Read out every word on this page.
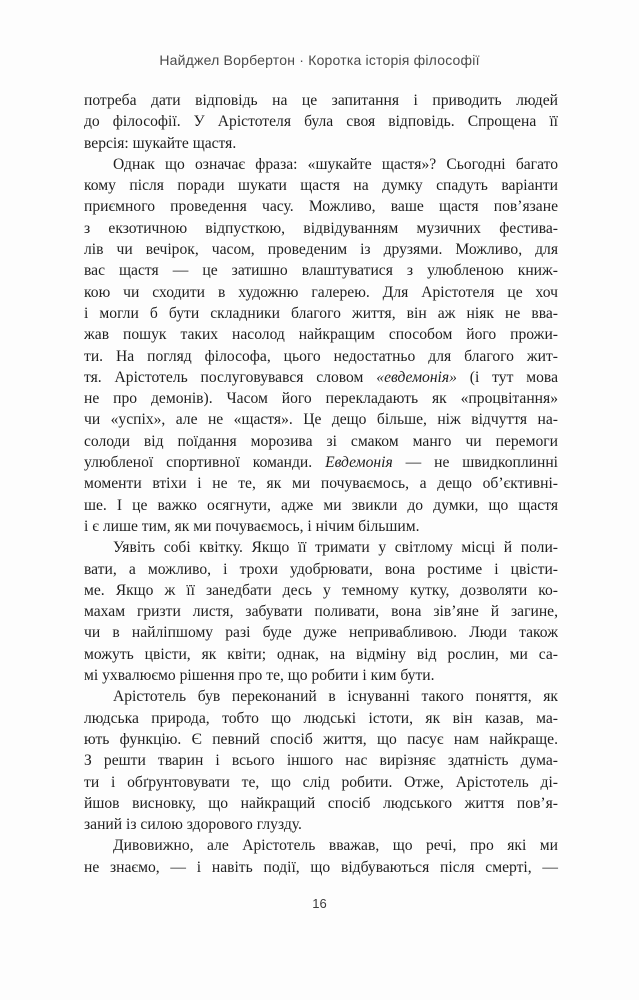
Найджел Ворбертон · Коротка історія філософії
потреба дати відповідь на це запитання і приводить людей
до філософії. У Арістотеля була своя відповідь. Спрощена її
версія: шукайте щастя.
Однак що означає фраза: «шукайте щастя»? Сьогодні багато
кому після поради шукати щастя на думку спадуть варіанти
приємного проведення часу. Можливо, ваше щастя пов’язане
з екзотичною відпусткою, відвідуванням музичних фестива-
лів чи вечірок, часом, проведеним із друзями. Можливо, для
вас щастя — це затишно влаштуватися з улюбленою книж-
кою чи сходити в художню галерею. Для Арістотеля це хоч
і могли б бути складники благого життя, він аж ніяк не вва-
жав пошук таких насолод найкращим способом його прожи-
ти. На погляд філософа, цього недостатньо для благого жит-
тя. Арістотель послуговувався словом «евдемонія» (і тут мова
не про демонів). Часом його перекладають як «процвітання»
чи «успіх», але не «щастя». Це дещо більше, ніж відчуття на-
солоди від поїдання морозива зі смаком манго чи перемоги
улюбленої спортивної команди. Евдемонія — не швидкоплинні
моменти втіхи і не те, як ми почуваємось, а дещо об’єктивні-
ше. І це важко осягнути, адже ми звикли до думки, що щастя
і є лише тим, як ми почуваємось, і нічим більшим.
Уявіть собі квітку. Якщо її тримати у світлому місці й поли-
вати, а можливо, і трохи удобрювати, вона ростиме і цвісти-
ме. Якщо ж її занедбати десь у темному кутку, дозволяти ко-
махам гризти листя, забувати поливати, вона зів’яне й загине,
чи в найліпшому разі буде дуже непривабливою. Люди також
можуть цвісти, як квіти; однак, на відміну від рослин, ми са-
мі ухвалюємо рішення про те, що робити і ким бути.
Арістотель був переконаний в існуванні такого поняття, як
людська природа, тобто що людські істоти, як він казав, ма-
ють функцію. Є певний спосіб життя, що пасує нам найкраще.
З решти тварин і всього іншого нас вирізняє здатність дума-
ти і обґрунтовувати те, що слід робити. Отже, Арістотель ді-
йшов висновку, що найкращий спосіб людського життя пов’я-
заний із силою здорового глузду.
Дивовижно, але Арістотель вважав, що речі, про які ми
не знаємо, — і навіть події, що відбуваються після смерті, —
16
